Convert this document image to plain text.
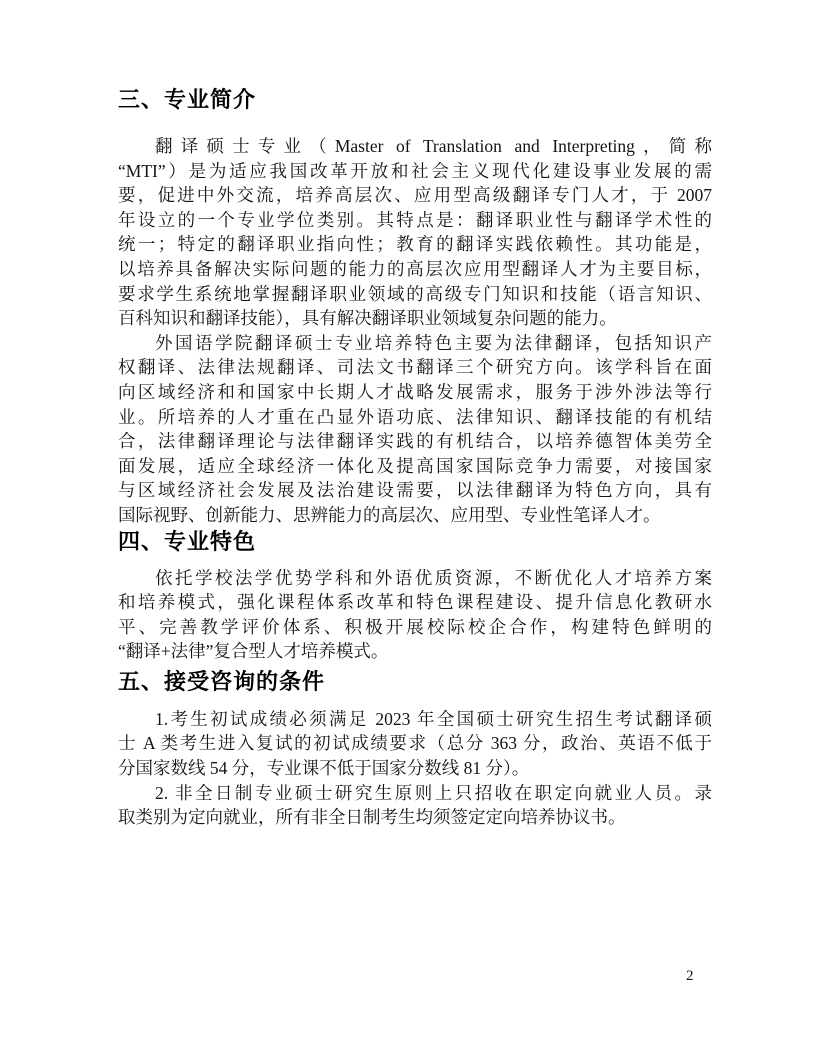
三、专业简介
翻译硕士专业（Master of Translation and Interpreting，简称
“MTI”）是为适应我国改革开放和社会主义现代化建设事业发展的需
要，促进中外交流，培养高层次、应用型高级翻译专门人才，于 2007
年设立的一个专业学位类别。其特点是：翻译职业性与翻译学术性的
统一；特定的翻译职业指向性；教育的翻译实践依赖性。其功能是，
以培养具备解决实际问题的能力的高层次应用型翻译人才为主要目标，
要求学生系统地掌握翻译职业领域的高级专门知识和技能（语言知识、
百科知识和翻译技能），具有解决翻译职业领域复杂问题的能力。
外国语学院翻译硕士专业培养特色主要为法律翻译，包括知识产
权翻译、法律法规翻译、司法文书翻译三个研究方向。该学科旨在面
向区域经济和和国家中长期人才战略发展需求，服务于涉外涉法等行
业。所培养的人才重在凸显外语功底、法律知识、翻译技能的有机结
合，法律翻译理论与法律翻译实践的有机结合，以培养德智体美劳全
面发展，适应全球经济一体化及提高国家国际竞争力需要，对接国家
与区域经济社会发展及法治建设需要，以法律翻译为特色方向，具有
国际视野、创新能力、思辨能力的高层次、应用型、专业性笔译人才。
四、专业特色
依托学校法学优势学科和外语优质资源，不断优化人才培养方案
和培养模式，强化课程体系改革和特色课程建设、提升信息化教研水
平、完善教学评价体系、积极开展校际校企合作，构建特色鲜明的
“翻译+法律”复合型人才培养模式。
五、接受咨询的条件
1.考生初试成绩必须满足 2023 年全国硕士研究生招生考试翻译硕
士 A 类考生进入复试的初试成绩要求（总分 363 分，政治、英语不低于
分国家数线 54 分，专业课不低于国家分数线 81 分）。
2. 非全日制专业硕士研究生原则上只招收在职定向就业人员。录
取类别为定向就业，所有非全日制考生均须签定定向培养协议书。
2
